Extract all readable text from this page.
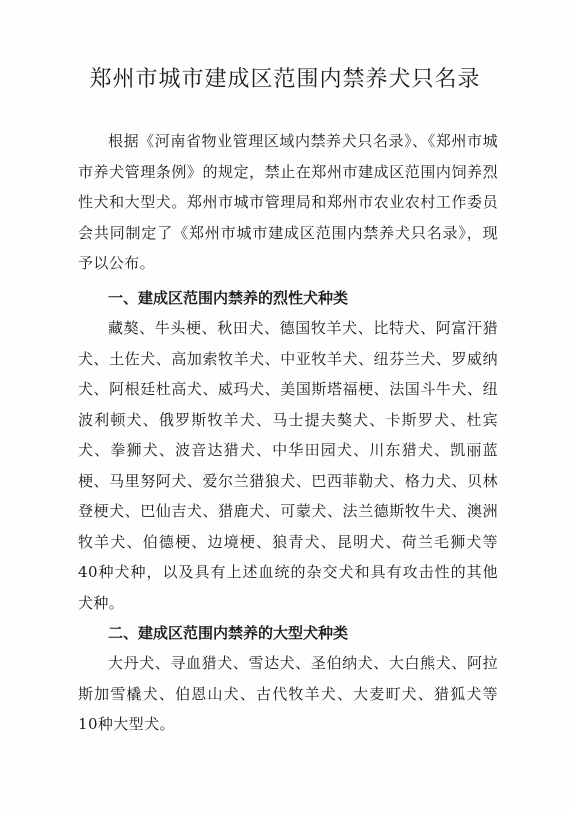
郑州市城市建成区范围内禁养犬只名录

根据《河南省物业管理区域内禁养犬只名录》、《郑州市城市养犬管理条例》的规定，禁止在郑州市建成区范围内饲养烈性犬和大型犬。郑州市城市管理局和郑州市农业农村工作委员会共同制定了《郑州市城市建成区范围内禁养犬只名录》，现予以公布。

一、建成区范围内禁养的烈性犬种类

藏獒、牛头梗、秋田犬、德国牧羊犬、比特犬、阿富汗猎犬、土佐犬、高加索牧羊犬、中亚牧羊犬、纽芬兰犬、罗威纳犬、阿根廷杜高犬、威玛犬、美国斯塔福梗、法国斗牛犬、纽波利顿犬、俄罗斯牧羊犬、马士提夫獒犬、卡斯罗犬、杜宾犬、拳狮犬、波音达猎犬、中华田园犬、川东猎犬、凯丽蓝梗、马里努阿犬、爱尔兰猎狼犬、巴西菲勒犬、格力犬、贝林登梗犬、巴仙吉犬、猎鹿犬、可蒙犬、法兰德斯牧牛犬、澳洲牧羊犬、伯德梗、边境梗、狼青犬、昆明犬、荷兰毛狮犬等40种犬种，以及具有上述血统的杂交犬和具有攻击性的其他犬种。

二、建成区范围内禁养的大型犬种类

大丹犬、寻血猎犬、雪达犬、圣伯纳犬、大白熊犬、阿拉斯加雪橇犬、伯恩山犬、古代牧羊犬、大麦町犬、猎狐犬等10种大型犬。
